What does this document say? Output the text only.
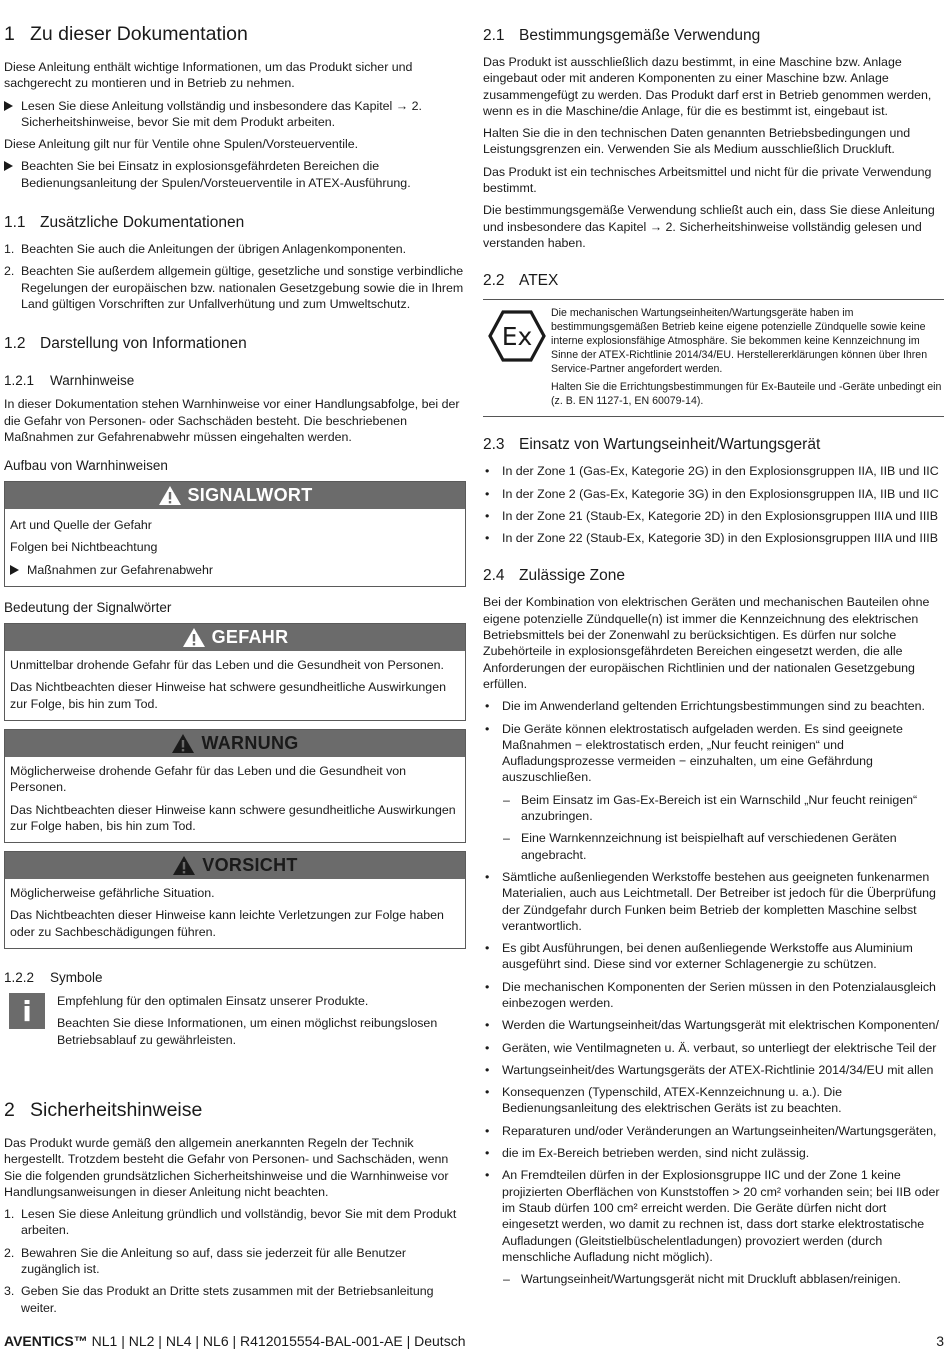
1 Zu dieser Dokumentation

Diese Anleitung enthält wichtige Informationen, um das Produkt sicher und sachgerecht zu montieren und in Betrieb zu nehmen.

Lesen Sie diese Anleitung vollständig und insbesondere das Kapitel → 2. Sicherheitshinweise, bevor Sie mit dem Produkt arbeiten.

Diese Anleitung gilt nur für Ventile ohne Spulen/Vorsteuerventile.

Beachten Sie bei Einsatz in explosionsgefährdeten Bereichen die Bedienungsanleitung der Spulen/Vorsteuerventile in ATEX-Ausführung.

1.1 Zusätzliche Dokumentationen

1. Beachten Sie auch die Anleitungen der übrigen Anlagenkomponenten.

2. Beachten Sie außerdem allgemein gültige, gesetzliche und sonstige verbindliche Regelungen der europäischen bzw. nationalen Gesetzgebung sowie die in Ihrem Land gültigen Vorschriften zur Unfallverhütung und zum Umweltschutz.

1.2 Darstellung von Informationen
1.2.1 Warnhinweise

In dieser Dokumentation stehen Warnhinweise vor einer Handlungsabfolge, bei der die Gefahr von Personen- oder Sachschäden besteht. Die beschriebenen Maßnahmen zur Gefahrenabwehr müssen eingehalten werden.

Aufbau von Warnhinweisen
SIGNALWORT

Art und Quelle der Gefahr

Folgen bei Nichtbeachtung

Maßnahmen zur Gefahrenabwehr

Bedeutung der Signalwörter
GEFAHR

Unmittelbar drohende Gefahr für das Leben und die Gesundheit von Personen.

Das Nichtbeachten dieser Hinweise hat schwere gesundheitliche Auswirkungen zur Folge, bis hin zum Tod.

WARNUNG

Möglicherweise drohende Gefahr für das Leben und die Gesundheit von Personen.

Das Nichtbeachten dieser Hinweise kann schwere gesundheitliche Auswirkungen zur Folge haben, bis hin zum Tod.

VORSICHT

Möglicherweise gefährliche Situation.

Das Nichtbeachten dieser Hinweise kann leichte Verletzungen zur Folge haben oder zu Sachbeschädigungen führen.

1.2.2 Symbole
i	Empfehlung für den optimalen Einsatz unserer Produkte.

Beachten Sie diese Informationen, um einen möglichst reibungslosen Betriebsablauf zu gewährleisten.

2 Sicherheitshinweise

Das Produkt wurde gemäß den allgemein anerkannten Regeln der Technik hergestellt. Trotzdem besteht die Gefahr von Personen- und Sachschäden, wenn Sie die folgenden grundsätzlichen Sicherheitshinweise und die Warnhinweise vor Handlungsanweisungen in dieser Anleitung nicht beachten.

1. Lesen Sie diese Anleitung gründlich und vollständig, bevor Sie mit dem Produkt arbeiten.

2. Bewahren Sie die Anleitung so auf, dass sie jederzeit für alle Benutzer zugänglich ist.

3. Geben Sie das Produkt an Dritte stets zusammen mit der Betriebsanleitung weiter.

2.1 Bestimmungsgemäße Verwendung

Das Produkt ist ausschließlich dazu bestimmt, in eine Maschine bzw. Anlage eingebaut oder mit anderen Komponenten zu einer Maschine bzw. Anlage zusammengefügt zu werden. Das Produkt darf erst in Betrieb genommen werden, wenn es in die Maschine/die Anlage, für die es bestimmt ist, eingebaut ist.

Halten Sie die in den technischen Daten genannten Betriebsbedingungen und Leistungsgrenzen ein. Verwenden Sie als Medium ausschließlich Druckluft.

Das Produkt ist ein technisches Arbeitsmittel und nicht für die private Verwendung bestimmt.

Die bestimmungsgemäße Verwendung schließt auch ein, dass Sie diese Anleitung und insbesondere das Kapitel → 2. Sicherheitshinweise vollständig gelesen und verstanden haben.

2.2 ATEX
Ex

Die mechanischen Wartungseinheiten/Wartungsgeräte haben im bestimmungsgemäßen Betrieb keine eigene potenzielle Zündquelle sowie keine interne explosionsfähige Atmosphäre. Sie bekommen keine Kennzeichnung im Sinne der ATEX-Richtlinie 2014/34/EU. Herstellererklärungen können über Ihren Service-Partner angefordert werden.

Halten Sie die Errichtungsbestimmungen für Ex-Bauteile und -Geräte unbedingt ein (z. B. EN 1127-1, EN 60079-14).

2.3 Einsatz von Wartungseinheit/Wartungsgerät

• In der Zone 1 (Gas-Ex, Kategorie 2G) in den Explosionsgruppen IIA, IIB und IIC

• In der Zone 2 (Gas-Ex, Kategorie 3G) in den Explosionsgruppen IIA, IIB und IIC

• In der Zone 21 (Staub-Ex, Kategorie 2D) in den Explosionsgruppen IIIA und IIIB

• In der Zone 22 (Staub-Ex, Kategorie 3D) in den Explosionsgruppen IIIA und IIIB

2.4 Zulässige Zone

Bei der Kombination von elektrischen Geräten und mechanischen Bauteilen ohne eigene potenzielle Zündquelle(n) ist immer die Kennzeichnung des elektrischen Betriebsmittels bei der Zonenwahl zu berücksichtigen. Es dürfen nur solche Zubehörteile in explosionsgefährdeten Bereichen eingesetzt werden, die alle Anforderungen der europäischen Richtlinien und der nationalen Gesetzgebung erfüllen.

• Die im Anwenderland geltenden Errichtungsbestimmungen sind zu beachten.

• Die Geräte können elektrostatisch aufgeladen werden. Es sind geeignete Maßnahmen − elektrostatisch erden, „Nur feucht reinigen“ und Aufladungsprozesse vermeiden − einzuhalten, um eine Gefährdung auszuschließen.

– Beim Einsatz im Gas-Ex-Bereich ist ein Warnschild „Nur feucht reinigen“ anzubringen.

– Eine Warnkennzeichnung ist beispielhaft auf verschiedenen Geräten angebracht.

• Sämtliche außenliegenden Werkstoffe bestehen aus geeigneten funkenarmen Materialien, auch aus Leichtmetall. Der Betreiber ist jedoch für die Überprüfung der Zündgefahr durch Funken beim Betrieb der kompletten Maschine selbst verantwortlich.

• Es gibt Ausführungen, bei denen außenliegende Werkstoffe aus Aluminium ausgeführt sind. Diese sind vor externer Schlagenergie zu schützen.

• Die mechanischen Komponenten der Serien müssen in den Potenzialausgleich einbezogen werden.

• Werden die Wartungseinheit/das Wartungsgerät mit elektrischen Komponenten/

• Geräten, wie Ventilmagneten u. Ä. verbaut, so unterliegt der elektrische Teil der

• Wartungseinheit/des Wartungsgeräts der ATEX-Richtlinie 2014/34/EU mit allen

• Konsequenzen (Typenschild, ATEX-Kennzeichnung u. a.). Die Bedienungsanleitung des elektrischen Geräts ist zu beachten.

• Reparaturen und/oder Veränderungen an Wartungseinheiten/Wartungsgeräten,

• die im Ex-Bereich betrieben werden, sind nicht zulässig.

• An Fremdteilen dürfen in der Explosionsgruppe IIC und der Zone 1 keine projizierten Oberflächen von Kunststoffen > 20 cm² vorhanden sein; bei IIB oder im Staub dürfen 100 cm² erreicht werden. Die Geräte dürfen nicht dort eingesetzt werden, wo damit zu rechnen ist, dass dort starke elektrostatische Aufladungen (Gleitstielbüschelentladungen) provoziert werden (durch menschliche Aufladung nicht möglich).

– Wartungseinheit/Wartungsgerät nicht mit Druckluft abblasen/reinigen.

AVENTICS™ NL1 | NL2 | NL4 | NL6 | R412015554-BAL-001-AE | Deutsch	3
